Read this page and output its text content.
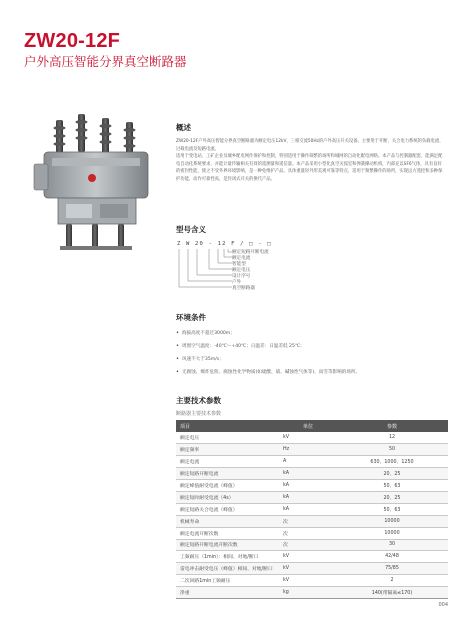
ZW20-12F
户外高压智能分界真空断路器
概述

ZW20-12F户外高压智能分界真空断路器为额定电压12kV，三相交流50Hz的户外高压开关设备。主要用于开断、关合电力系统的负载电流、过载电流及短路电流。

适用于变电站、工矿企业及城乡配电网作保护和控制，特别适用于操作频繁的场所和城网的自动化配电网络。本产品与控制器配套，能满足配电自动化系统要求，并能计量传输相关有效的遥测量和遥信量。本产品采用小型化真空灭弧室和弹簧操动机构，内部充以SF6气体，具有良好的密封性能，使之不受外界环境影响，是一种免维护产品。具体重量轻外形美观可靠等特点，适用于频繁操作的场所，实现远方遥控和多种保护功能，动作可靠性高，是封闭式开关的换代产品。

型号含义
Z W 20 - 12 F / □ - □
额定短路开断电流
额定电流
智能型
额定电压
设计序号
户外
真空断路器
环境条件
• 海拔高度不超过3000m；
• 周围空气温度：-40℃～+40℃；日温差：日温差低 25℃；
• 风速不大于35m/s；
• 无腐蚀、爆炸危险、腐蚀性化学物质(如硫酸、硝、碱蚀性气体等)、雨雪等影响的场所。
主要技术参数
断路器主要技术参数
项目	单位	参数
额定电压	kV	12
额定频率	Hz	50
额定电流	A	630、1000、1250
额定短路开断电流	kA	20、25
额定峰值耐受电流（峰值）	kA	50、63
额定短时耐受电流（4s）	kA	20、25
额定短路关合电流（峰值）	kA	50、63
机械寿命	次	10000
额定电流开断次数	次	10000
额定短路开断电流开断次数	次	30
工频耐压（1min）：相间、对地/断口	kV	42/48
雷电冲击耐受电压（峰值）相间、对地/断口	kV	75/85
二次回路1min工频耐压	kV	2
净重	kg	140(带隔离≤170)
004
